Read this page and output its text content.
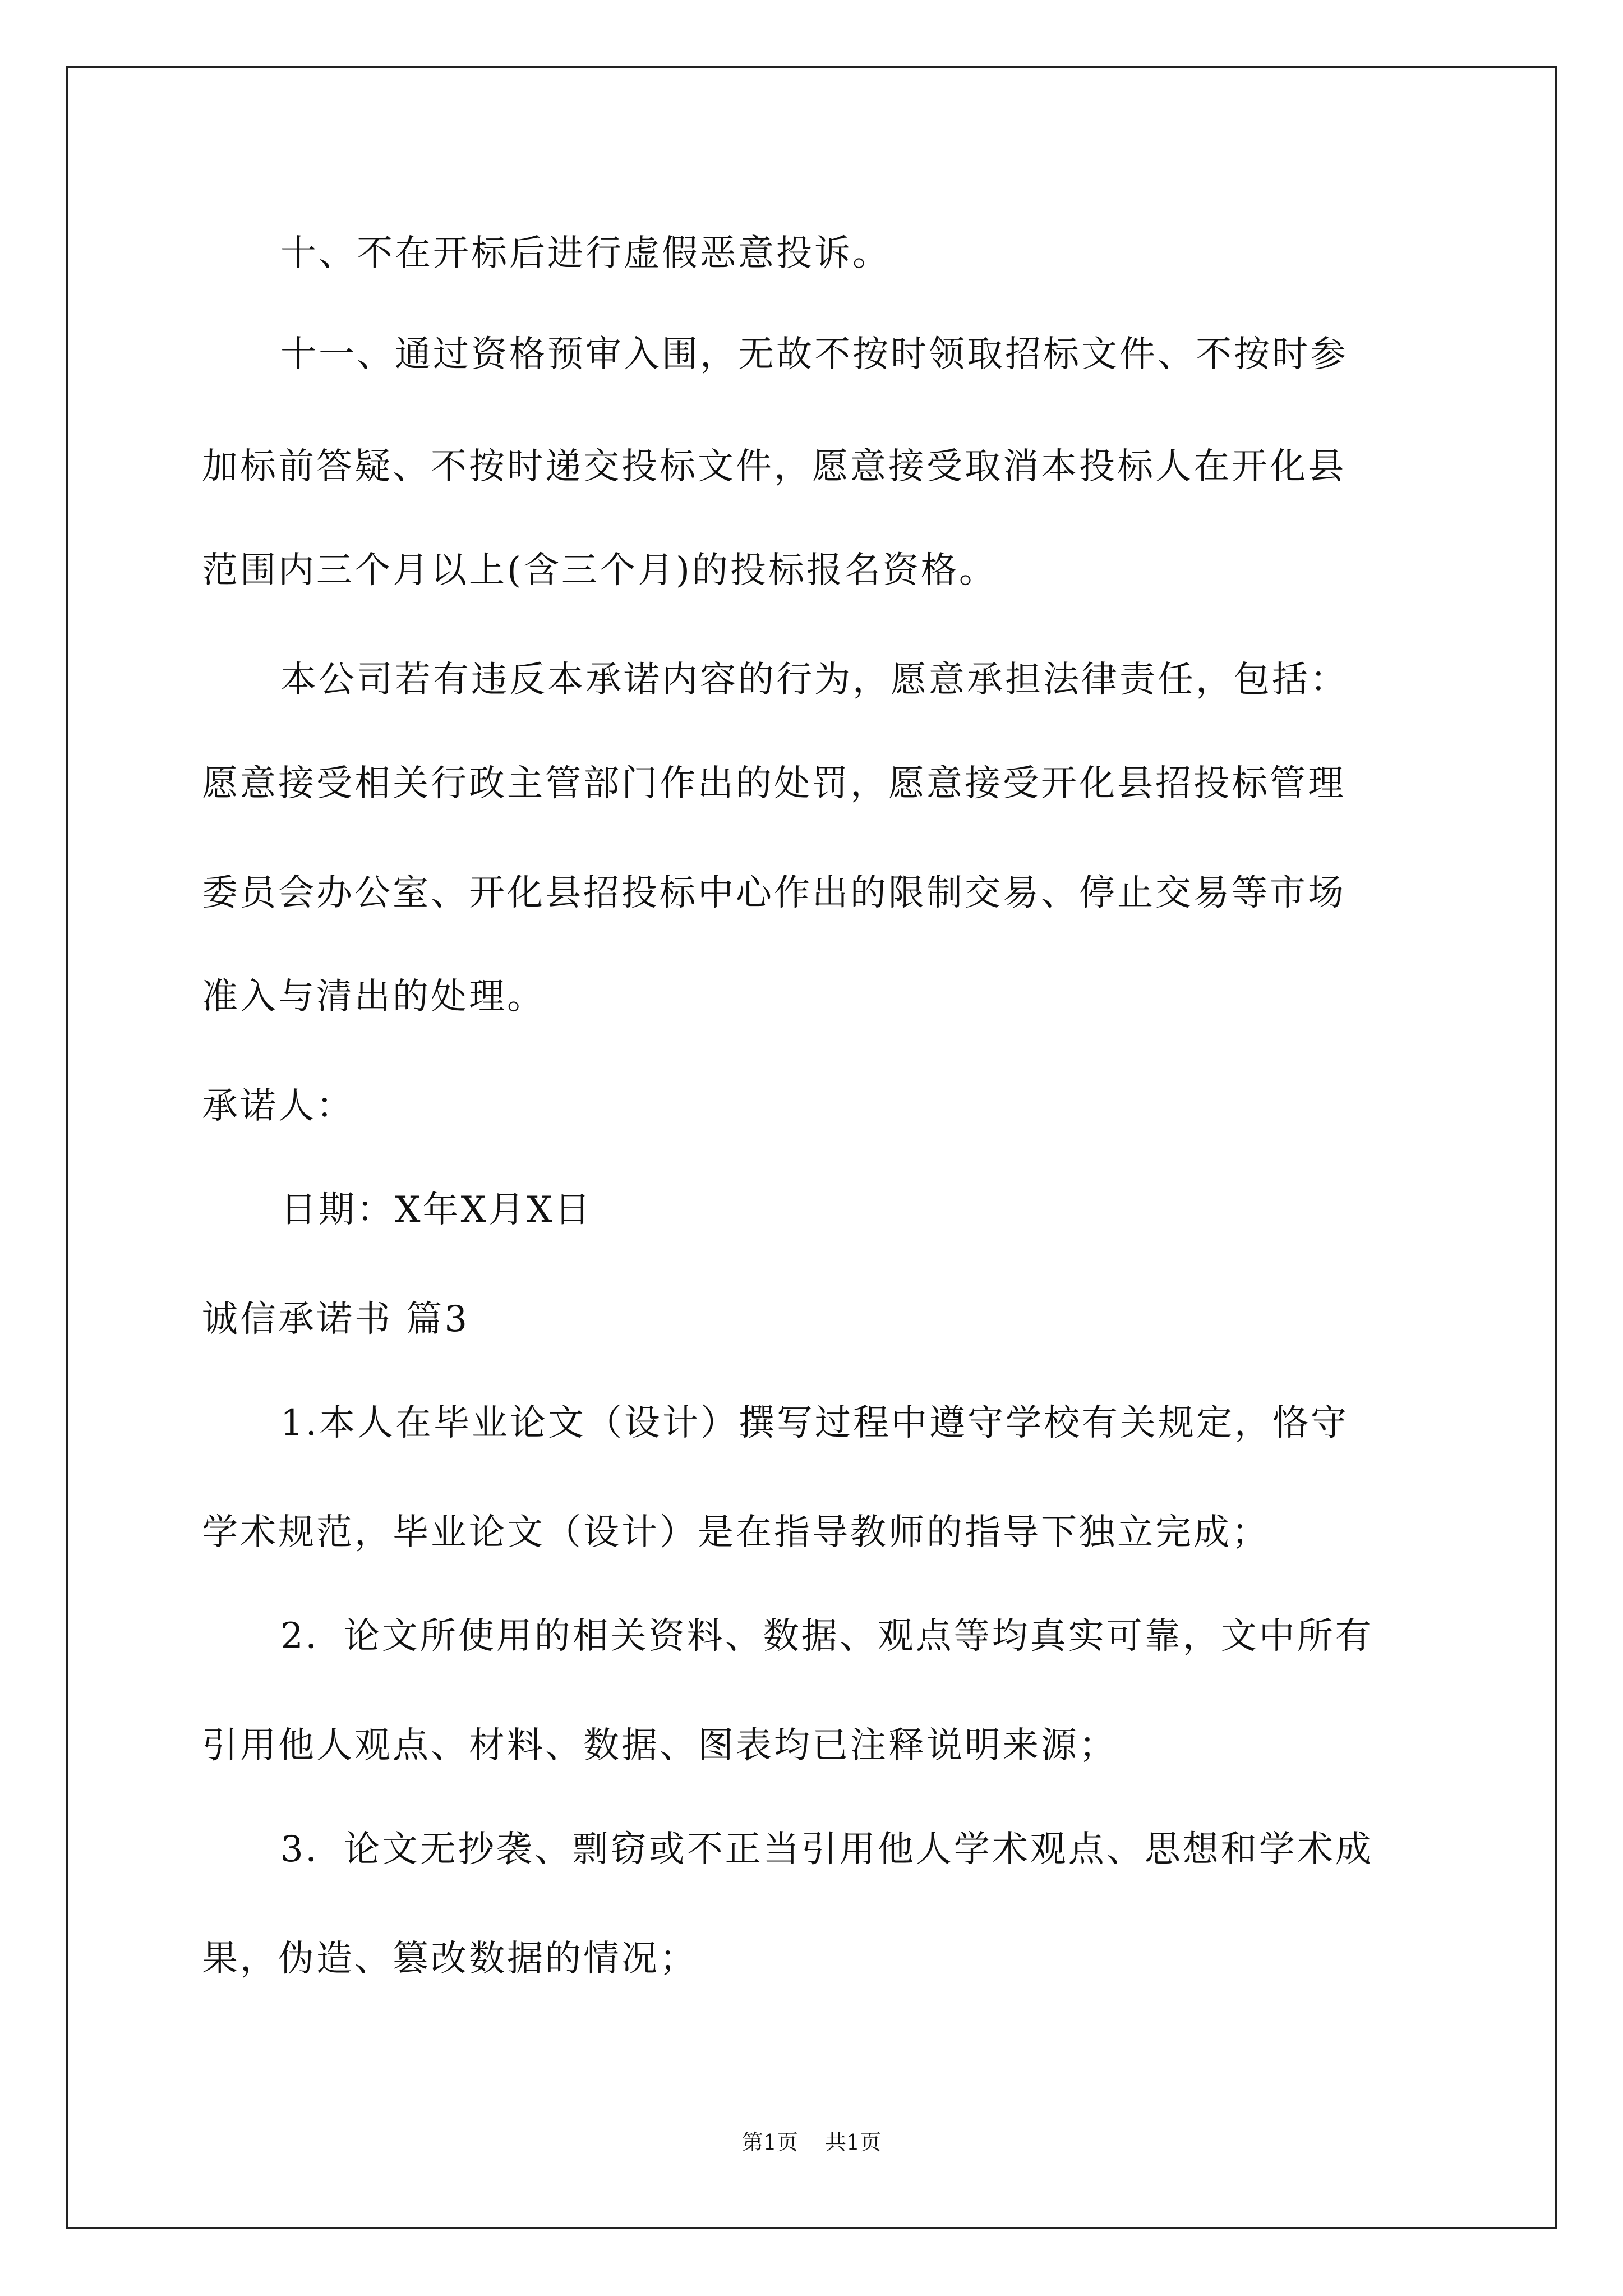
十、不在开标后进行虚假恶意投诉。
十一、通过资格预审入围，无故不按时领取招标文件、不按时参
加标前答疑、不按时递交投标文件，愿意接受取消本投标人在开化县
范围内三个月以上(含三个月)的投标报名资格。
本公司若有违反本承诺内容的行为，愿意承担法律责任，包括：
愿意接受相关行政主管部门作出的处罚，愿意接受开化县招投标管理
委员会办公室、开化县招投标中心作出的限制交易、停止交易等市场
准入与清出的处理。
承诺人：
日期：X年X月X日
诚信承诺书 篇3
1.本人在毕业论文（设计）撰写过程中遵守学校有关规定，恪守
学术规范，毕业论文（设计）是在指导教师的指导下独立完成；
2．论文所使用的相关资料、数据、观点等均真实可靠，文中所有
引用他人观点、材料、数据、图表均已注释说明来源；
3．论文无抄袭、剽窃或不正当引用他人学术观点、思想和学术成
果，伪造、篡改数据的情况；
第1页 共1页
